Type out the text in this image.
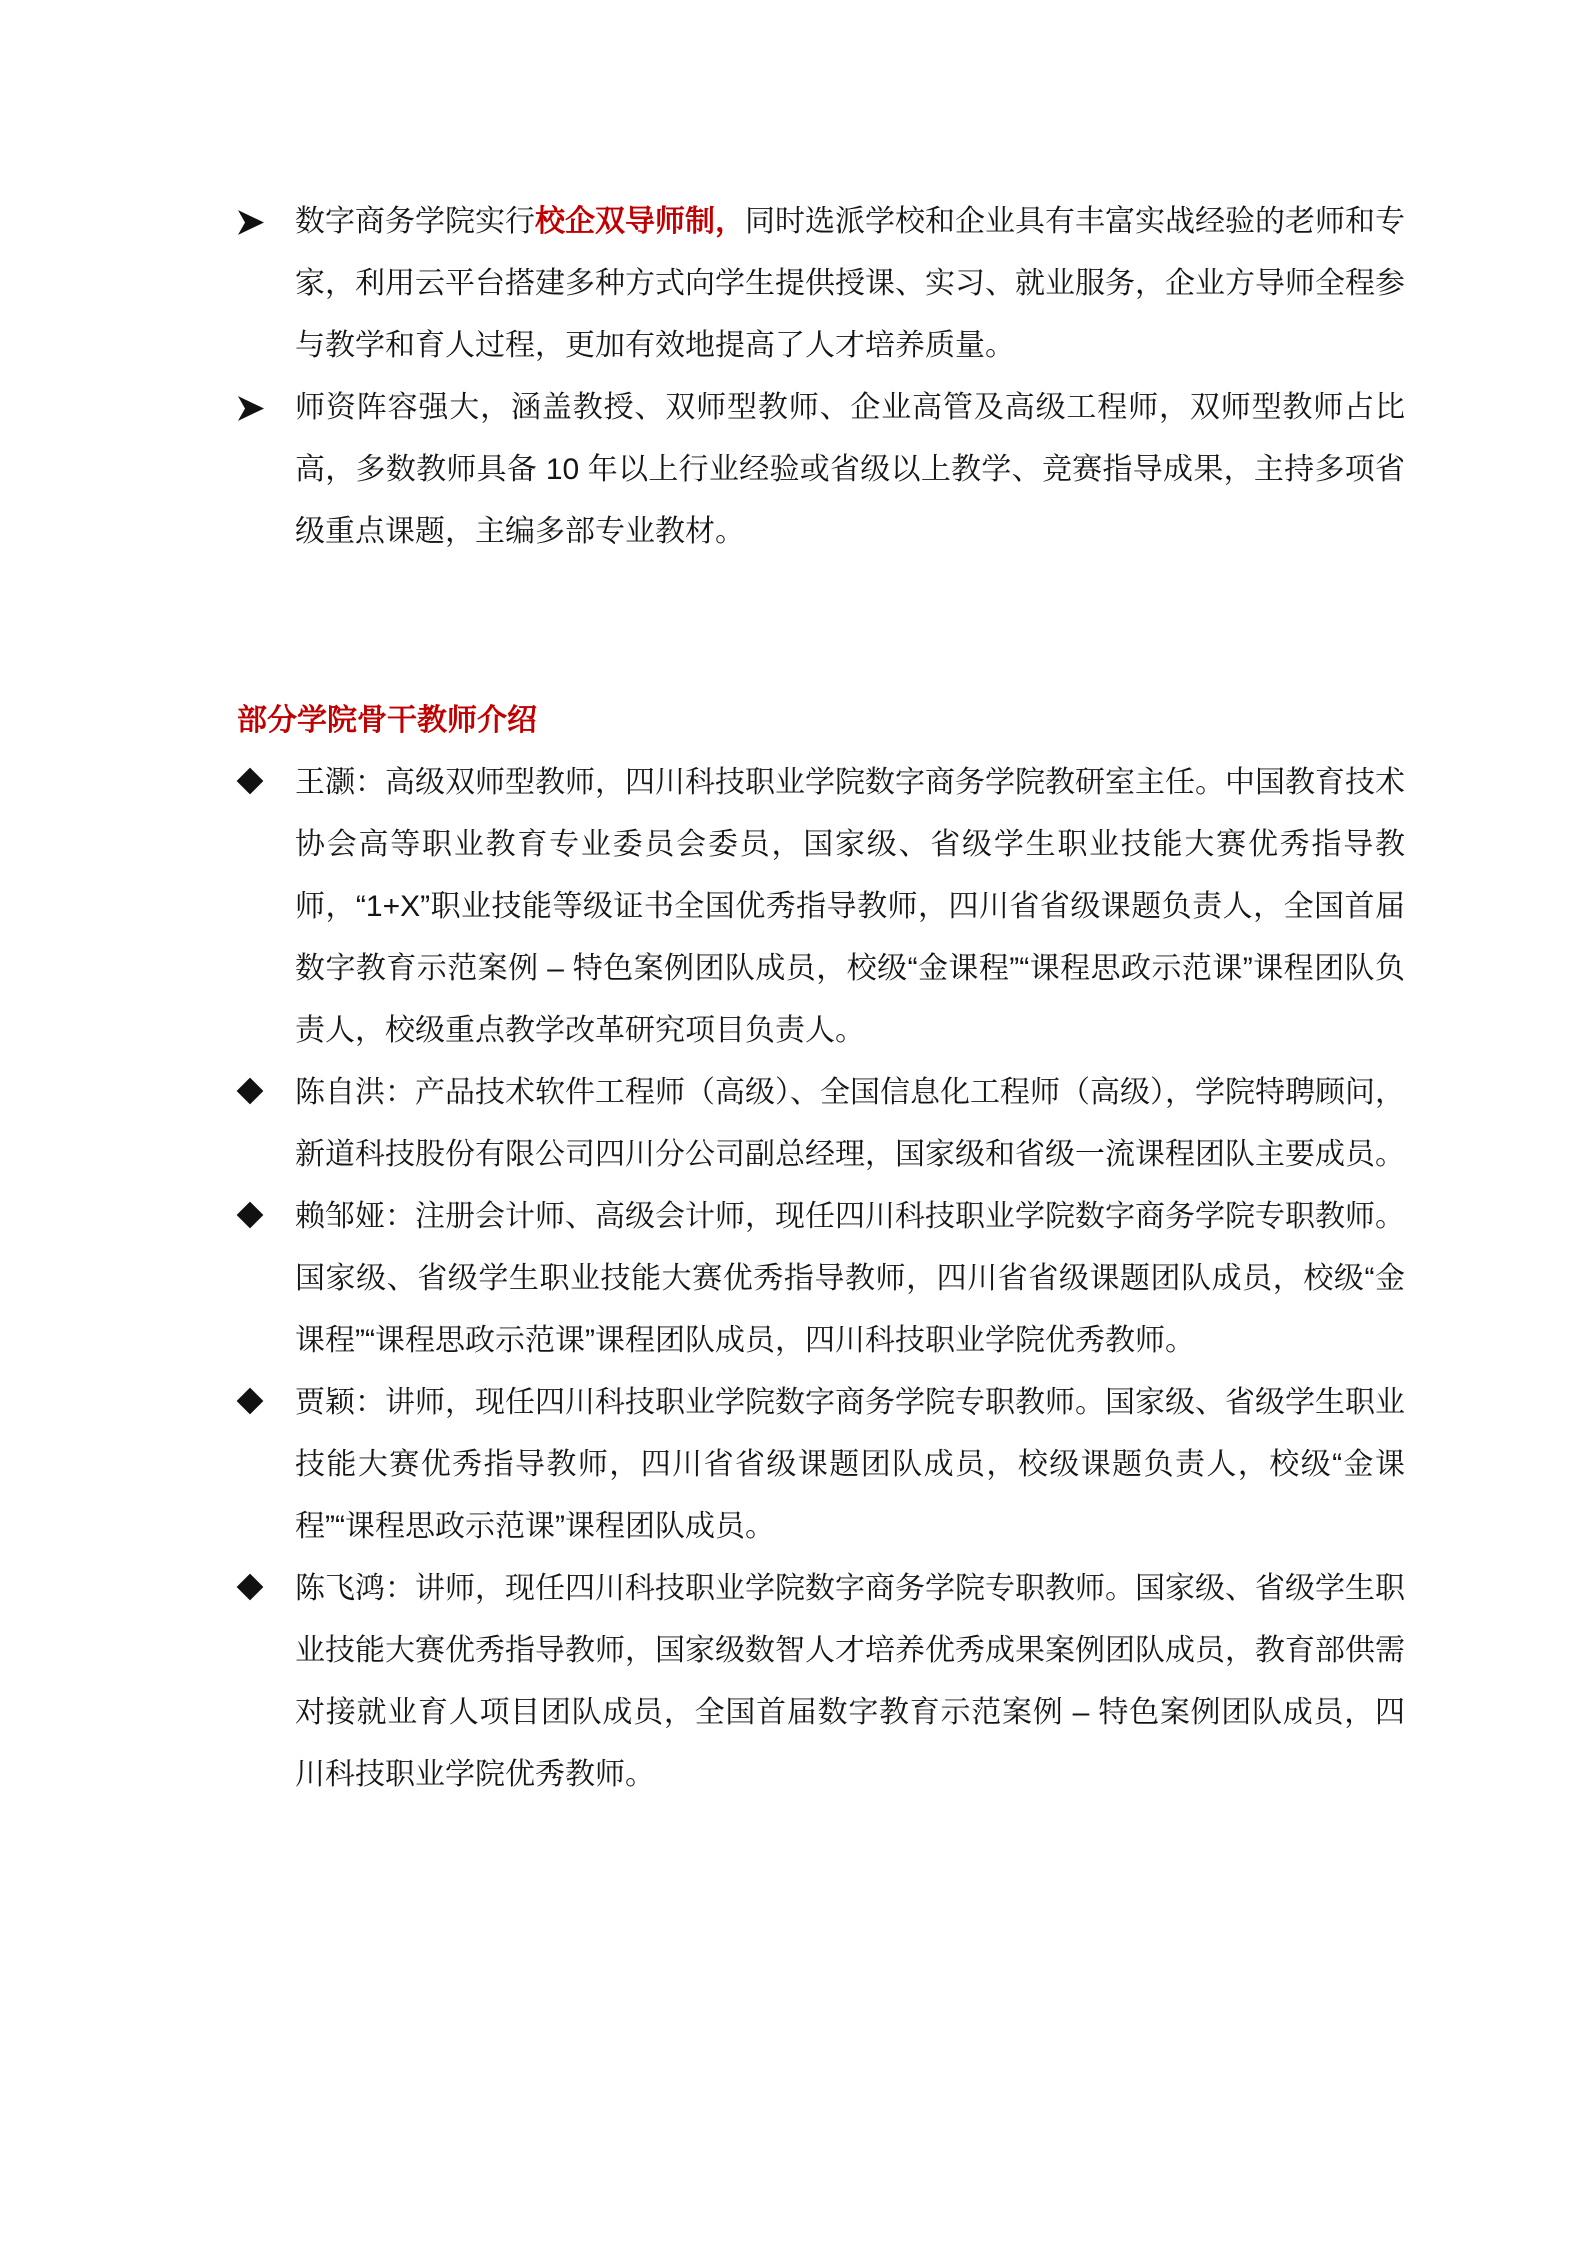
数字商务学院实行校企双导师制，同时选派学校和企业具有丰富实战经验的老师和专家，利用云平台搭建多种方式向学生提供授课、实习、就业服务，企业方导师全程参与教学和育人过程，更加有效地提高了人才培养质量。

师资阵容强大，涵盖教授、双师型教师、企业高管及高级工程师，双师型教师占比高，多数教师具备 10 年以上行业经验或省级以上教学、竞赛指导成果，主持多项省级重点课题，主编多部专业教材。

部分学院骨干教师介绍

王灏：高级双师型教师，四川科技职业学院数字商务学院教研室主任。中国教育技术协会高等职业教育专业委员会委员，国家级、省级学生职业技能大赛优秀指导教师，“1+X”职业技能等级证书全国优秀指导教师，四川省省级课题负责人，全国首届数字教育示范案例 – 特色案例团队成员，校级“金课程”“课程思政示范课”课程团队负责人，校级重点教学改革研究项目负责人。

陈自洪：产品技术软件工程师（高级）、全国信息化工程师（高级），学院特聘顾问，新道科技股份有限公司四川分公司副总经理，国家级和省级一流课程团队主要成员。

赖邹娅：注册会计师、高级会计师，现任四川科技职业学院数字商务学院专职教师。国家级、省级学生职业技能大赛优秀指导教师，四川省省级课题团队成员，校级“金课程”“课程思政示范课”课程团队成员，四川科技职业学院优秀教师。

贾颖：讲师，现任四川科技职业学院数字商务学院专职教师。国家级、省级学生职业技能大赛优秀指导教师，四川省省级课题团队成员，校级课题负责人，校级“金课程”“课程思政示范课”课程团队成员。

陈飞鸿：讲师，现任四川科技职业学院数字商务学院专职教师。国家级、省级学生职业技能大赛优秀指导教师，国家级数智人才培养优秀成果案例团队成员，教育部供需对接就业育人项目团队成员，全国首届数字教育示范案例 – 特色案例团队成员，四川科技职业学院优秀教师。
